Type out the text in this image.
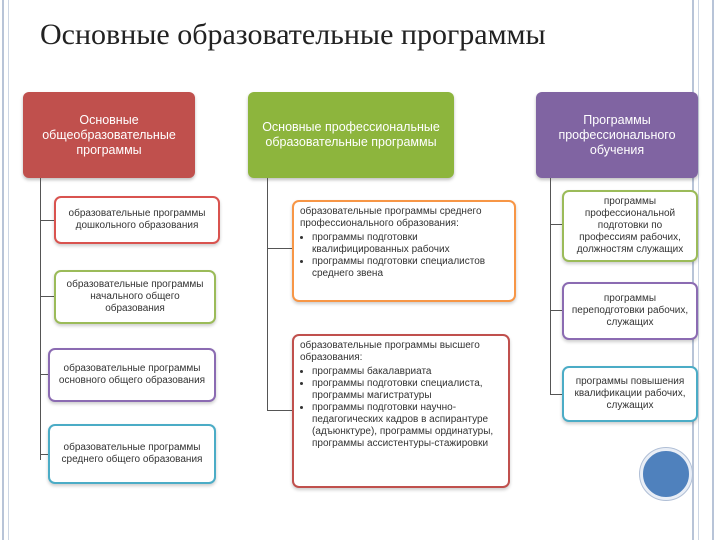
Основные образовательные программы
Основные общеобразовательные программы
образовательные программы дошкольного образования
образовательные программы начального общего образования
образовательные программы основного общего образования
образовательные программы среднего общего образования
Основные профессиональные образовательные программы
образовательные программы среднего профессионального образования:
• программы подготовки квалифицированных рабочих
• программы подготовки специалистов среднего звена
образовательные программы высшего образования:
• программы бакалавриата
• программы подготовки специалиста, программы магистратуры
• программы подготовки научно-педагогических кадров в аспирантуре (адъюнктуре), программы ординатуры, программы ассистентуры-стажировки
Программы профессионального обучения
программы профессиональной подготовки по профессиям рабочих, должностям служащих
программы переподготовки рабочих, служащих
программы повышения квалификации рабочих, служащих
